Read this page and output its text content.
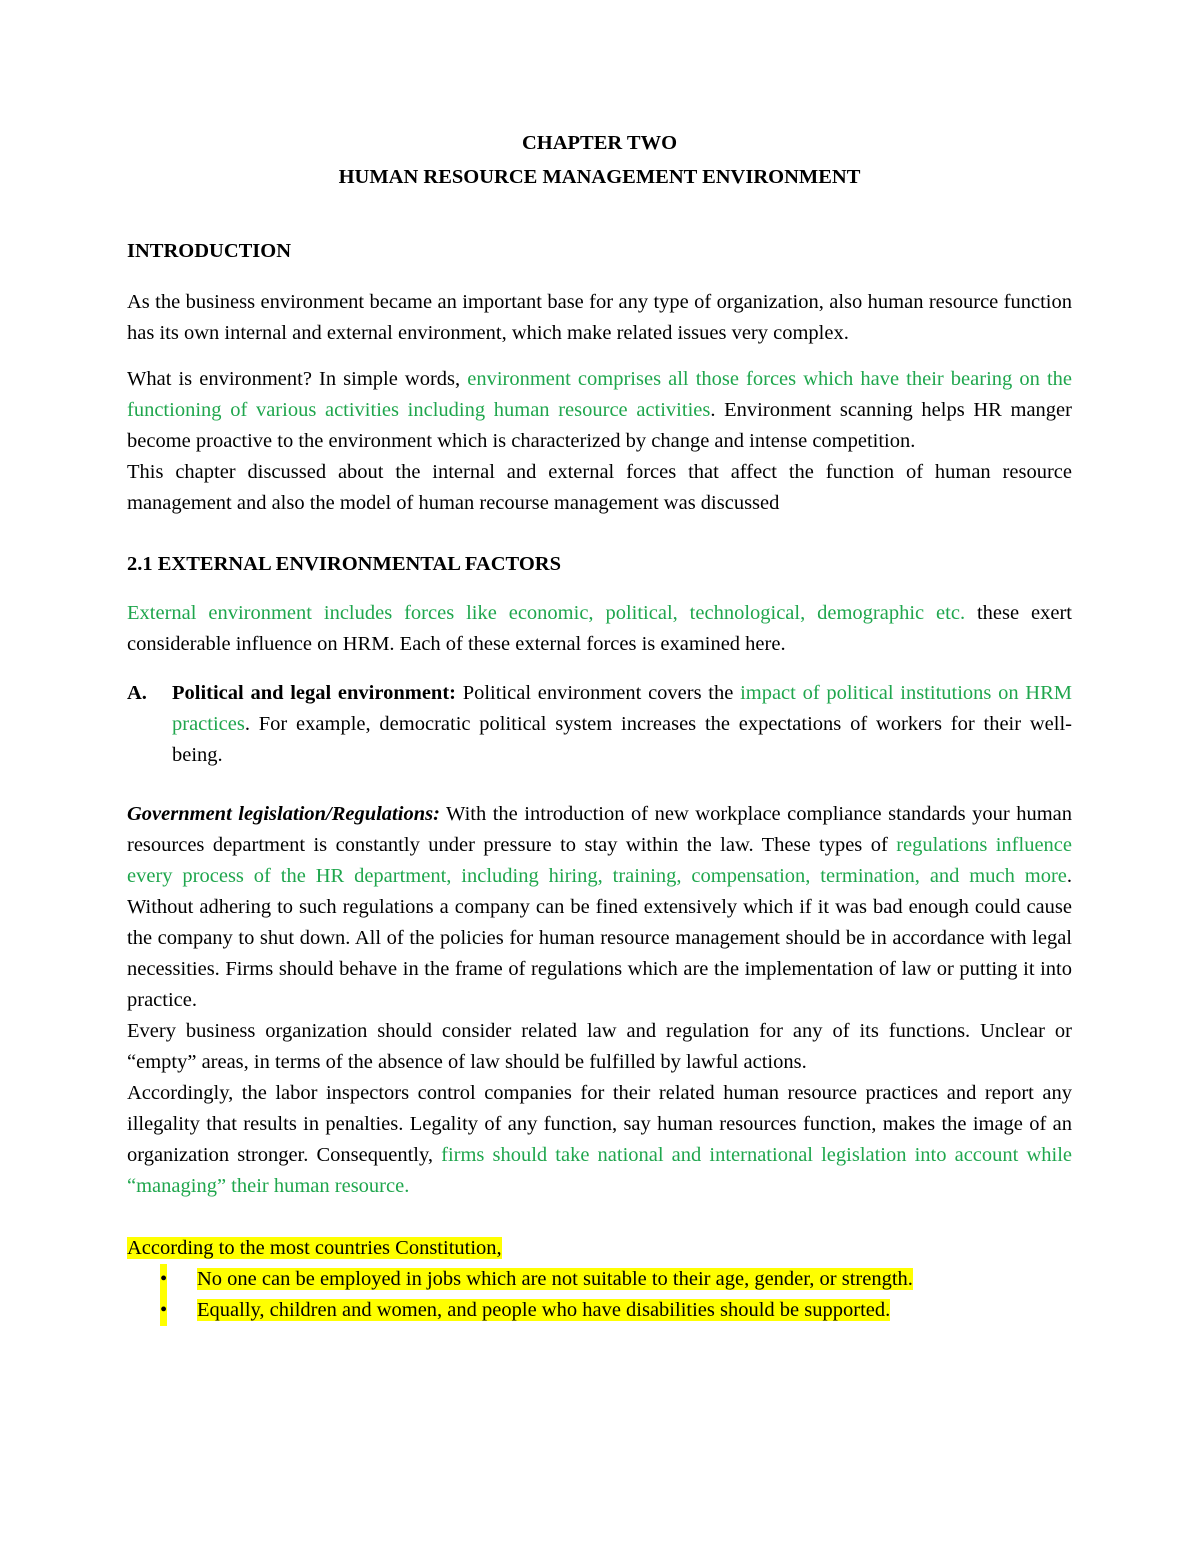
CHAPTER TWO
HUMAN RESOURCE MANAGEMENT ENVIRONMENT
INTRODUCTION

As the business environment became an important base for any type of organization, also human resource function has its own internal and external environment, which make related issues very complex.

What is environment? In simple words, environment comprises all those forces which have their bearing on the functioning of various activities including human resource activities. Environment scanning helps HR manger become proactive to the environment which is characterized by change and intense competition.

This chapter discussed about the internal and external forces that affect the function of human resource management and also the model of human recourse management was discussed

2.1 EXTERNAL ENVIRONMENTAL FACTORS

External environment includes forces like economic, political, technological, demographic etc. these exert considerable influence on HRM. Each of these external forces is examined here.

A. Political and legal environment: Political environment covers the impact of political institutions on HRM practices. For example, democratic political system increases the expectations of workers for their well-being.

Government legislation/Regulations: With the introduction of new workplace compliance standards your human resources department is constantly under pressure to stay within the law. These types of regulations influence every process of the HR department, including hiring, training, compensation, termination, and much more. Without adhering to such regulations a company can be fined extensively which if it was bad enough could cause the company to shut down. All of the policies for human resource management should be in accordance with legal necessities. Firms should behave in the frame of regulations which are the implementation of law or putting it into practice.

Every business organization should consider related law and regulation for any of its functions. Unclear or “empty” areas, in terms of the absence of law should be fulfilled by lawful actions.

Accordingly, the labor inspectors control companies for their related human resource practices and report any illegality that results in penalties. Legality of any function, say human resources function, makes the image of an organization stronger. Consequently, firms should take national and international legislation into account while “managing” their human resource.

According to the most countries Constitution,

• No one can be employed in jobs which are not suitable to their age, gender, or strength.
• Equally, children and women, and people who have disabilities should be supported.
